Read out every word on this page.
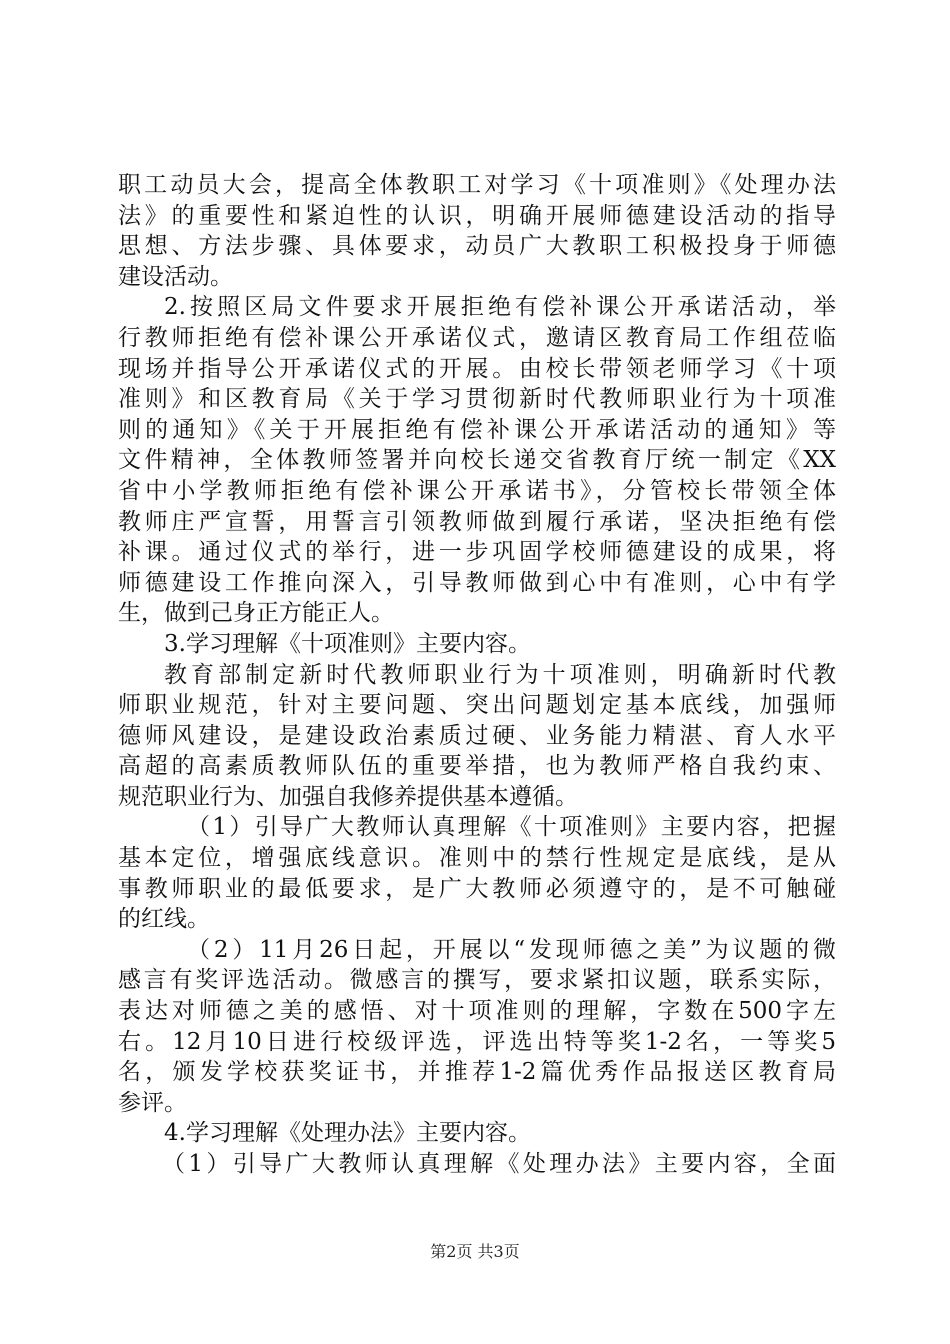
职工动员大会，提高全体教职工对学习《十项准则》《处理办法
法》的重要性和紧迫性的认识，明确开展师德建设活动的指导
思想、方法步骤、具体要求，动员广大教职工积极投身于师德
建设活动。
2.按照区局文件要求开展拒绝有偿补课公开承诺活动，举
行教师拒绝有偿补课公开承诺仪式，邀请区教育局工作组莅临
现场并指导公开承诺仪式的开展。由校长带领老师学习《十项
准则》和区教育局《关于学习贯彻新时代教师职业行为十项准
则的通知》《关于开展拒绝有偿补课公开承诺活动的通知》等
文件精神，全体教师签署并向校长递交省教育厅统一制定《XX
省中小学教师拒绝有偿补课公开承诺书》，分管校长带领全体
教师庄严宣誓，用誓言引领教师做到履行承诺，坚决拒绝有偿
补课。通过仪式的举行，进一步巩固学校师德建设的成果，将
师德建设工作推向深入，引导教师做到心中有准则，心中有学
生，做到己身正方能正人。
3.学习理解《十项准则》主要内容。
教育部制定新时代教师职业行为十项准则，明确新时代教
师职业规范，针对主要问题、突出问题划定基本底线，加强师
德师风建设，是建设政治素质过硬、业务能力精湛、育人水平
高超的高素质教师队伍的重要举措，也为教师严格自我约束、
规范职业行为、加强自我修养提供基本遵循。
（1）引导广大教师认真理解《十项准则》主要内容，把握
基本定位，增强底线意识。准则中的禁行性规定是底线，是从
事教师职业的最低要求，是广大教师必须遵守的，是不可触碰
的红线。
（2）11月26日起，开展以“发现师德之美”为议题的微
感言有奖评选活动。微感言的撰写，要求紧扣议题，联系实际，
表达对师德之美的感悟、对十项准则的理解，字数在500字左
右。12月10日进行校级评选，评选出特等奖1-2名，一等奖5
名，颁发学校获奖证书，并推荐1-2篇优秀作品报送区教育局
参评。
4.学习理解《处理办法》主要内容。
（1）引导广大教师认真理解《处理办法》主要内容，全面
第2页 共3页
